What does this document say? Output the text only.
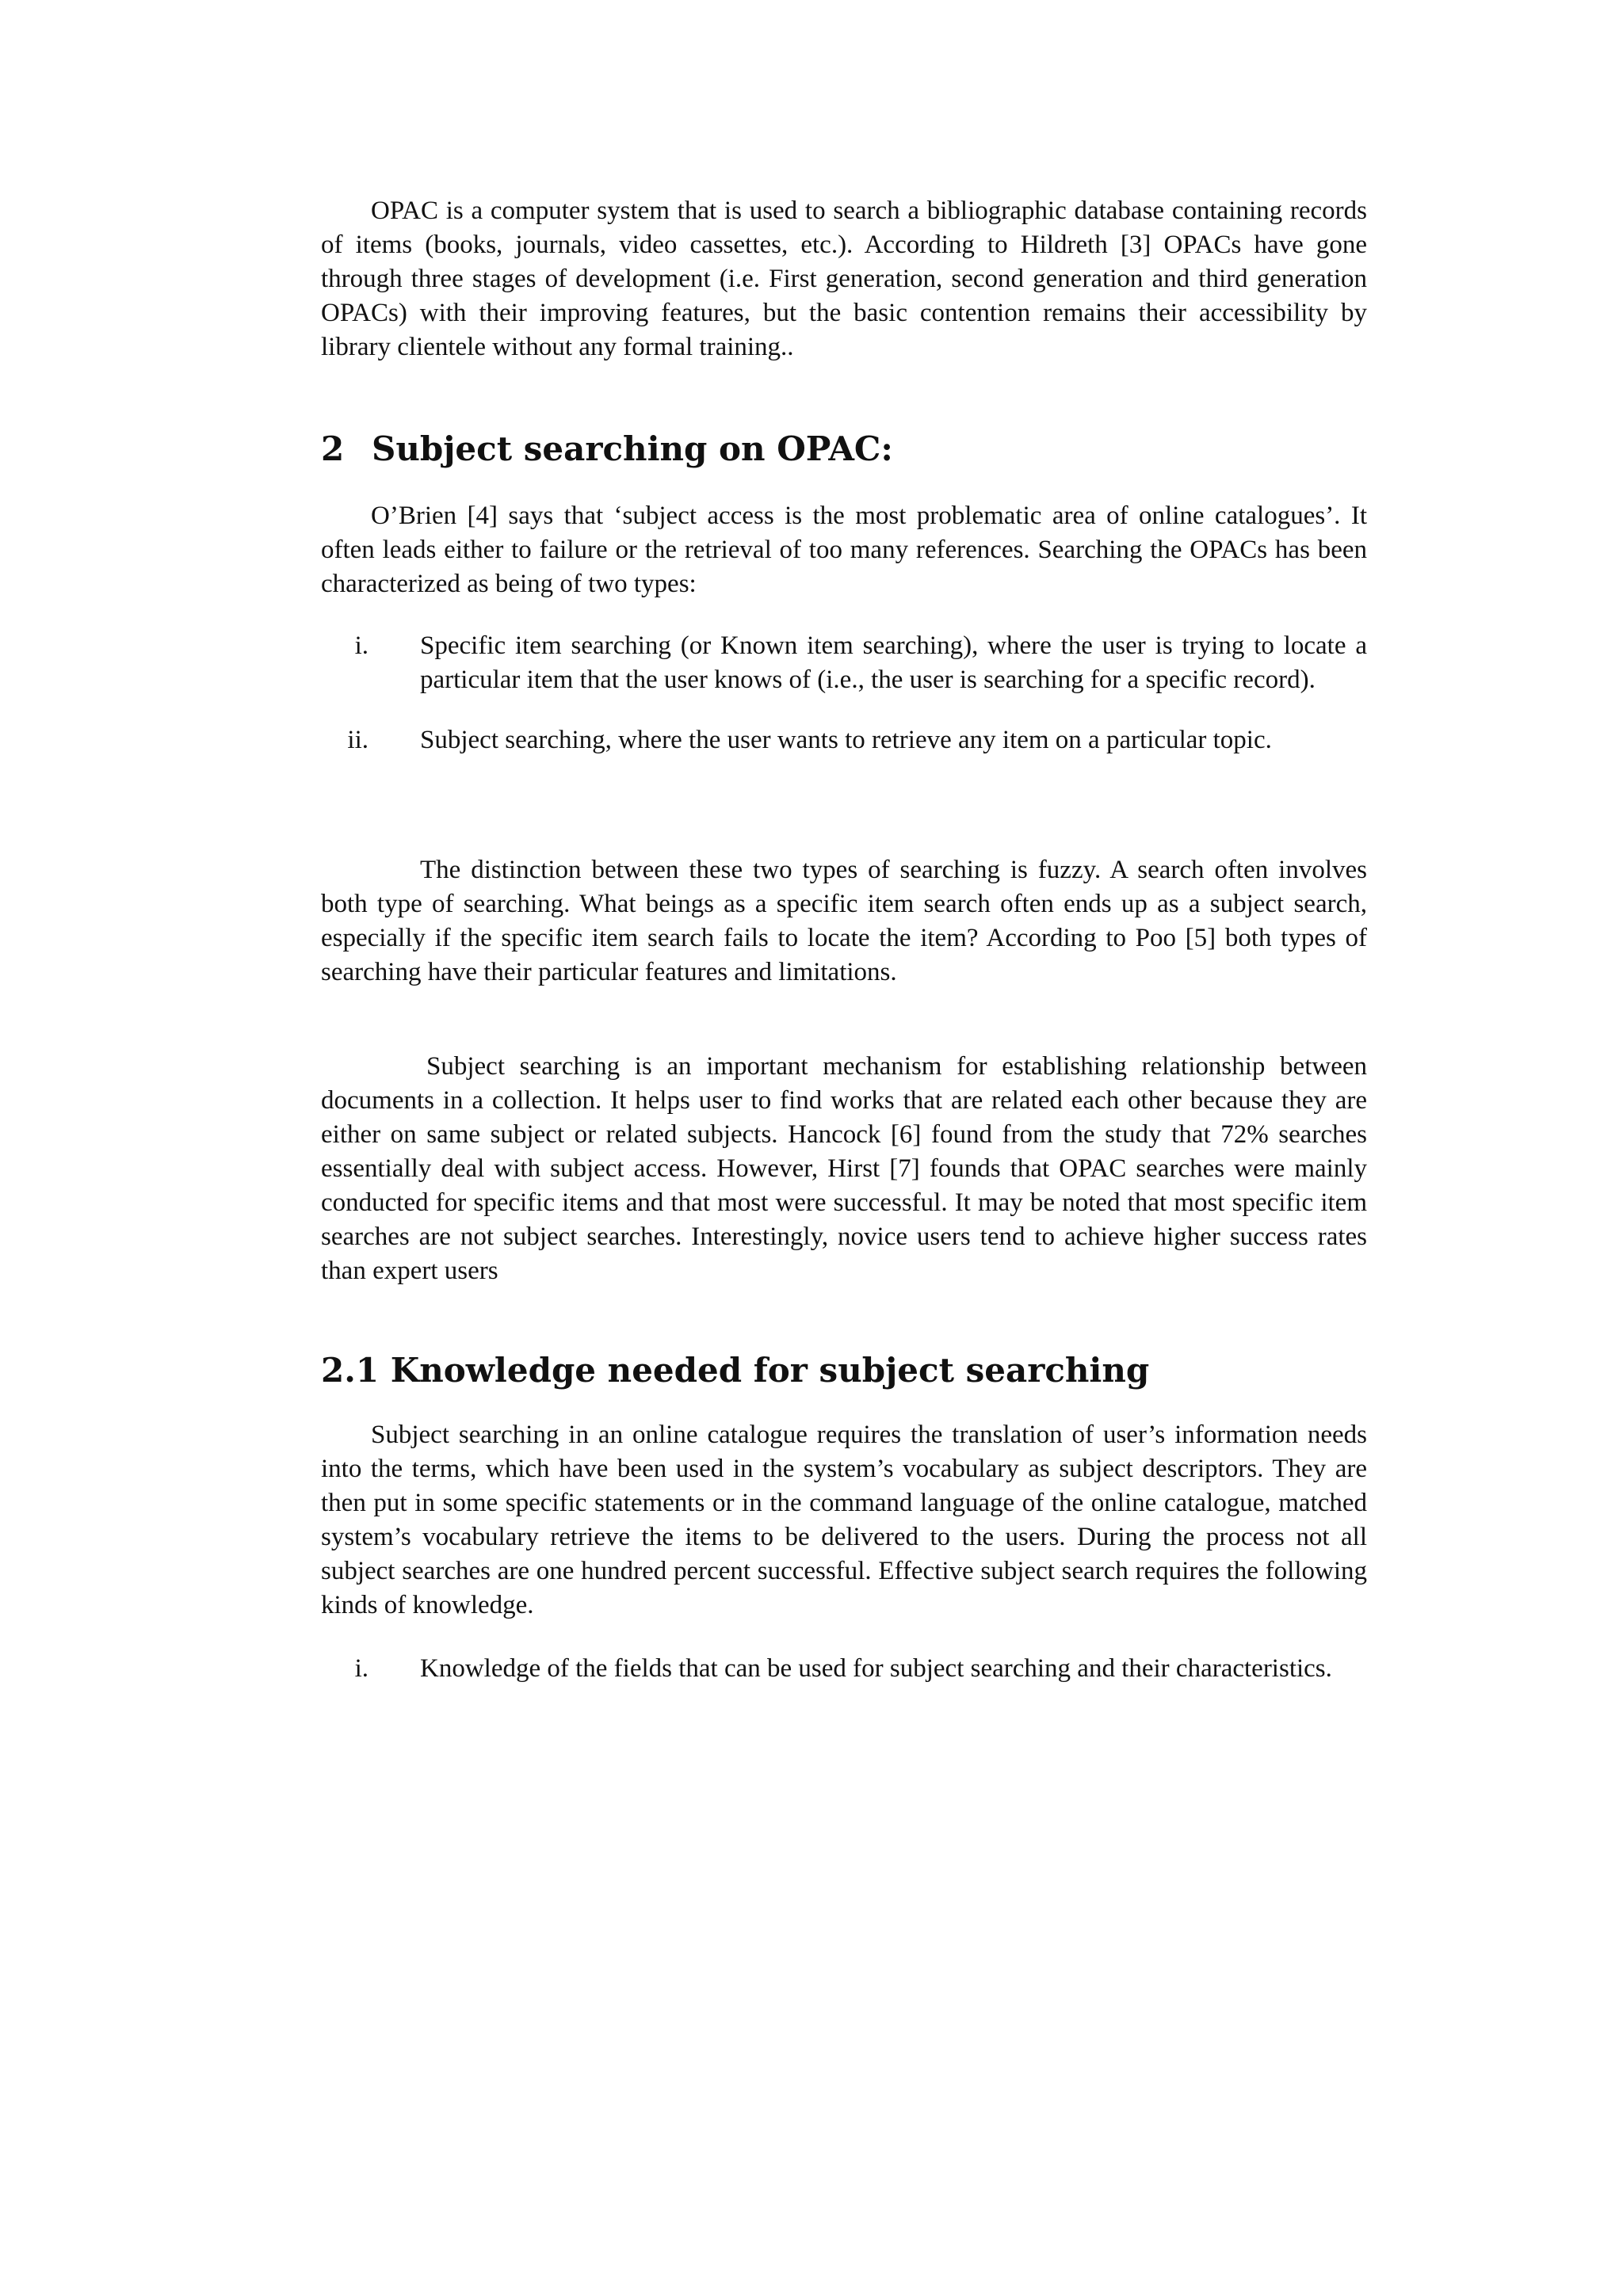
OPAC is a computer system that is used to search a bibliographic database containing records of items (books, journals, video cassettes, etc.). According to Hildreth [3] OPACs have gone through three stages of development (i.e. First generation, second generation and third generation OPACs) with their improving features, but the basic contention remains their accessibility by library clientele without any formal training..

2 Subject searching on OPAC:

O’Brien [4] says that ‘subject access is the most problematic area of online catalogues’. It often leads either to failure or the retrieval of too many references. Searching the OPACs has been characterized as being of two types:

i. Specific item searching (or Known item searching), where the user is trying to locate a particular item that the user knows of (i.e., the user is searching for a specific record).
ii. Subject searching, where the user wants to retrieve any item on a particular topic.

The distinction between these two types of searching is fuzzy. A search often involves both type of searching. What beings as a specific item search often ends up as a subject search, especially if the specific item search fails to locate the item? According to Poo [5] both types of searching have their particular features and limitations.

Subject searching is an important mechanism for establishing relationship between documents in a collection. It helps user to find works that are related each other because they are either on same subject or related subjects. Hancock [6] found from the study that 72% searches essentially deal with subject access. However, Hirst [7] founds that OPAC searches were mainly conducted for specific items and that most were successful. It may be noted that most specific item searches are not subject searches. Interestingly, novice users tend to achieve higher success rates than expert users

2.1 Knowledge needed for subject searching

Subject searching in an online catalogue requires the translation of user’s information needs into the terms, which have been used in the system’s vocabulary as subject descriptors. They are then put in some specific statements or in the command language of the online catalogue, matched system’s vocabulary retrieve the items to be delivered to the users. During the process not all subject searches are one hundred percent successful. Effective subject search requires the following kinds of knowledge.

i. Knowledge of the fields that can be used for subject searching and their characteristics.
